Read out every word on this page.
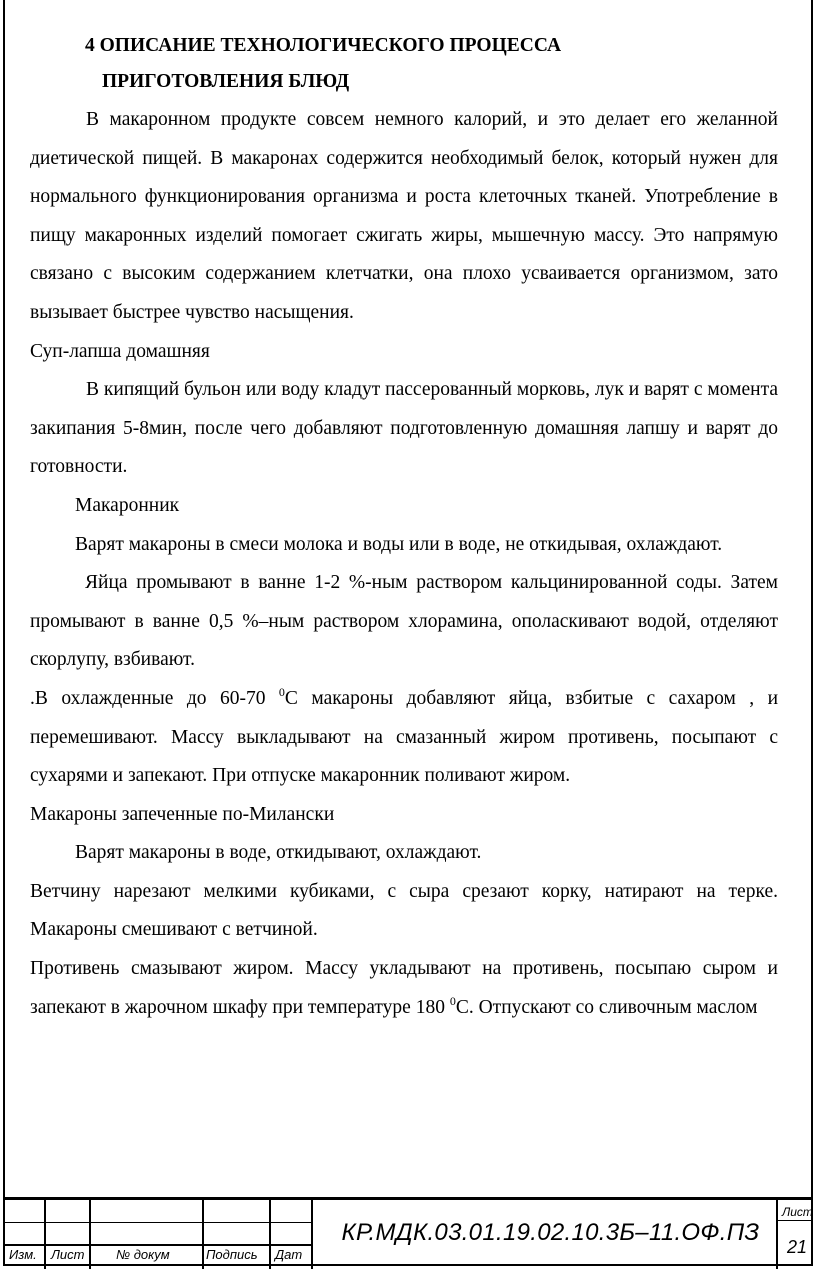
4 ОПИСАНИЕ ТЕХНОЛОГИЧЕСКОГО ПРОЦЕССА
ПРИГОТОВЛЕНИЯ БЛЮД

В макаронном продукте совсем немного калорий, и это делает его желанной диетической пищей. В макаронах содержится необходимый белок, который нужен для нормального функционирования организма и роста клеточных тканей. Употребление в пищу макаронных изделий помогает сжигать жиры, мышечную массу. Это напрямую связано с высоким содержанием клетчатки, она плохо усваивается организмом, зато вызывает быстрее чувство насыщения.

Суп-лапша домашняя

В кипящий бульон или воду кладут пассерованный морковь, лук и варят с момента закипания 5-8мин, после чего добавляют подготовленную домашняя лапшу и варят до готовности.

Макаронник

Варят макароны в смеси молока и воды или в воде, не откидывая, охлаждают.

Яйца промывают в ванне 1-2 %-ным раствором кальцинированной соды. Затем промывают в ванне 0,5 %–ным раствором хлорамина, ополаскивают водой, отделяют скорлупу, взбивают.

.В охлажденные до 60-70 $^0$С макароны добавляют яйца, взбитые с сахаром , и перемешивают. Массу выкладывают на смазанный жиром противень, посыпают с сухарями и запекают. При отпуске макаронник поливают жиром.

Макароны запеченные по-Милански

Варят макароны в воде, откидывают, охлаждают.

Ветчину нарезают мелкими кубиками, с сыра срезают корку, натирают на терке. Макароны смешивают с ветчиной.

Противень смазывают жиром. Массу укладывают на противень, посыпаю сыром и запекают в жарочном шкафу при температуре 180 $^0$С. Отпускают со сливочным маслом

Изм. Лист № докум	Подпись Дат
КР.МДК.03.01.19.02.10.3Б–11.ОФ.ПЗ
Лист
21
